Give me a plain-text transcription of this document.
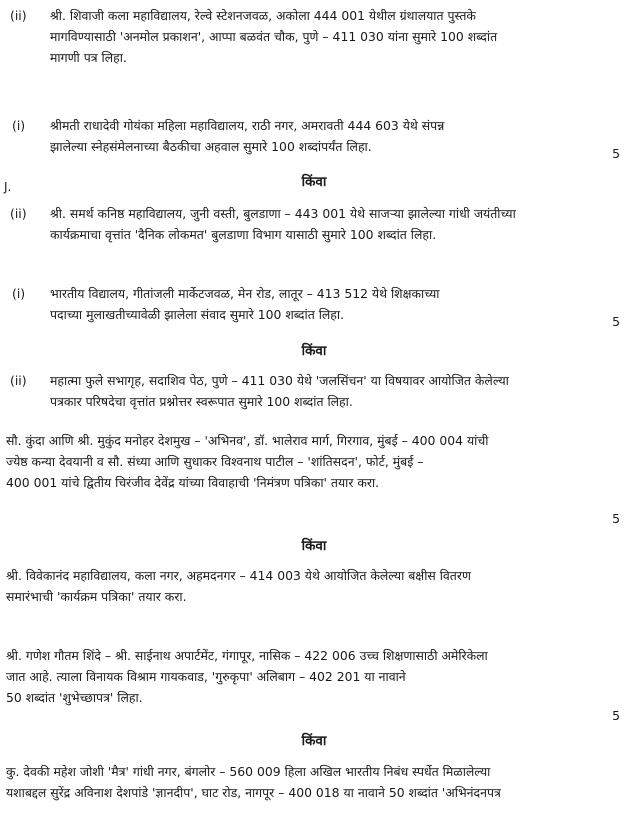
(ii) श्री. शिवाजी कला महाविद्यालय, रेल्वे स्टेशनजवळ, अकोला 444 001 येथील ग्रंथालयात पुस्तके
मागविण्यासाठी 'अनमोल प्रकाशन', आप्पा बळवंत चौक, पुणे – 411 030 यांना सुमारे 100 शब्दांत
मागणी पत्र लिहा.
(i) श्रीमती राधादेवी गोयंका महिला महाविद्यालय, राठी नगर, अमरावती 444 603 येथे संपन्न
झालेल्या स्नेहसंमेलनाच्या बैठकीचा अहवाल सुमारे 100 शब्दांपर्यंत लिहा.	5
J.	किंवा
(ii) श्री. समर्थ कनिष्ठ महाविद्यालय, जुनी वस्ती, बुलडाणा – 443 001 येथे साजऱ्या झालेल्या गांधी जयंतीच्या
कार्यक्रमाचा वृत्तांत 'दैनिक लोकमत' बुलडाणा विभाग यासाठी सुमारे 100 शब्दांत लिहा.
(i) भारतीय विद्यालय, गीतांजली मार्केटजवळ, मेन रोड, लातूर – 413 512 येथे शिक्षकाच्या
पदाच्या मुलाखतीच्यावेळी झालेला संवाद सुमारे 100 शब्दांत लिहा.	5
किंवा
(ii) महात्मा फुले सभागृह, सदाशिव पेठ, पुणे – 411 030 येथे 'जलसिंचन' या विषयावर आयोजित केलेल्या
पत्रकार परिषदेचा वृत्तांत प्रश्नोत्तर स्वरूपात सुमारे 100 शब्दांत लिहा.
सौ. कुंदा आणि श्री. मुकुंद मनोहर देशमुख – 'अभिनव', डॉ. भालेराव मार्ग, गिरगाव, मुंबई – 400 004 यांची
ज्येष्ठ कन्या देवयानी व सौ. संध्या आणि सुधाकर विश्वनाथ पाटील – 'शांतिसदन', फोर्ट, मुंबई –
400 001 यांचे द्वितीय चिरंजीव देवेंद्र यांच्या विवाहाची 'निमंत्रण पत्रिका' तयार करा.
5
किंवा
श्री. विवेकानंद महाविद्यालय, कला नगर, अहमदनगर – 414 003 येथे आयोजित केलेल्या बक्षीस वितरण
समारंभाची 'कार्यक्रम पत्रिका' तयार करा.
श्री. गणेश गौतम शिंदे – श्री. साईनाथ अपार्टमेंट, गंगापूर, नासिक – 422 006 उच्च शिक्षणासाठी अमेरिकेला
जात आहे. त्याला विनायक विश्राम गायकवाड, 'गुरुकृपा' अलिबाग – 402 201 या नावाने
50 शब्दांत 'शुभेच्छापत्र' लिहा.
5
किंवा
कु. देवकी महेश जोशी 'मैत्र' गांधी नगर, बंगलोर – 560 009 हिला अखिल भारतीय निबंध स्पर्धेत मिळालेल्या
यशाबद्दल सुरेंद्र अविनाश देशपांडे 'ज्ञानदीप', घाट रोड, नागपूर – 400 018 या नावाने 50 शब्दांत 'अभिनंदनपत्र
